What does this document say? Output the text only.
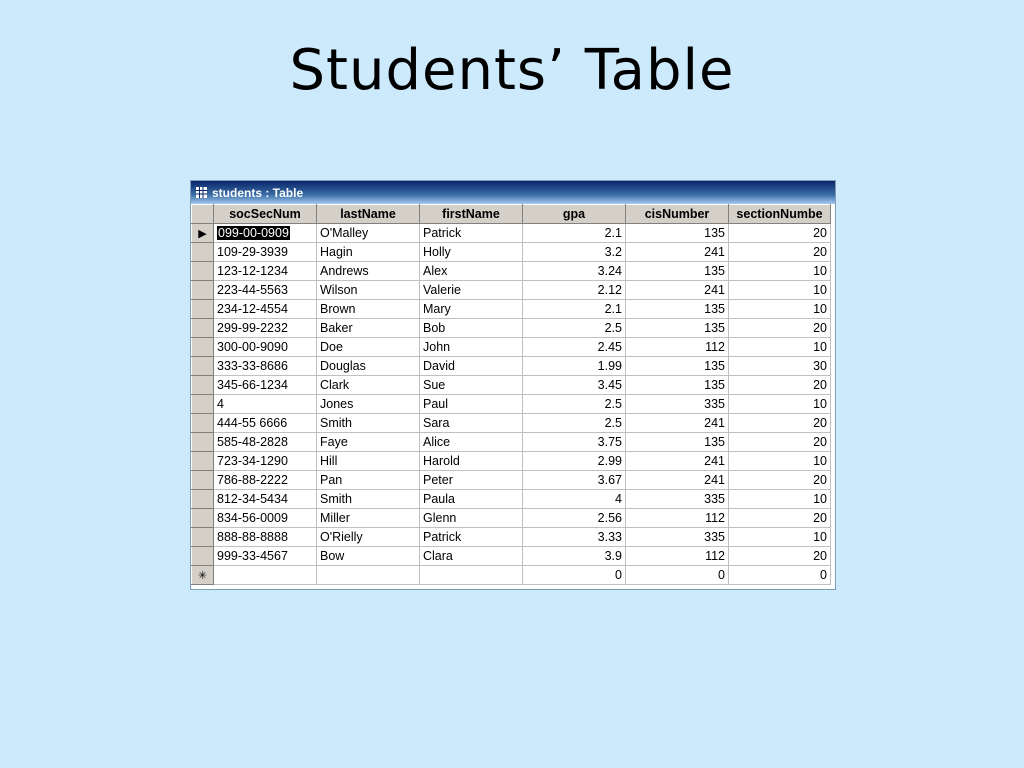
Students’ Table
students : Table
	socSecNum	lastName	firstName	gpa	cisNumber	sectionNumbe
▶	099-00-0909	O'Malley	Patrick	2.1	135	20
	109-29-3939	Hagin	Holly	3.2	241	20
	123-12-1234	Andrews	Alex	3.24	135	10
	223-44-5563	Wilson	Valerie	2.12	241	10
	234-12-4554	Brown	Mary	2.1	135	10
	299-99-2232	Baker	Bob	2.5	135	20
	300-00-9090	Doe	John	2.45	112	10
	333-33-8686	Douglas	David	1.99	135	30
	345-66-1234	Clark	Sue	3.45	135	20
	4	Jones	Paul	2.5	335	10
	444-55 6666	Smith	Sara	2.5	241	20
	585-48-2828	Faye	Alice	3.75	135	20
	723-34-1290	Hill	Harold	2.99	241	10
	786-88-2222	Pan	Peter	3.67	241	20
	812-34-5434	Smith	Paula	4	335	10
	834-56-0009	Miller	Glenn	2.56	112	20
	888-88-8888	O'Rielly	Patrick	3.33	335	10
	999-33-4567	Bow	Clara	3.9	112	20
✳				0	0	0
